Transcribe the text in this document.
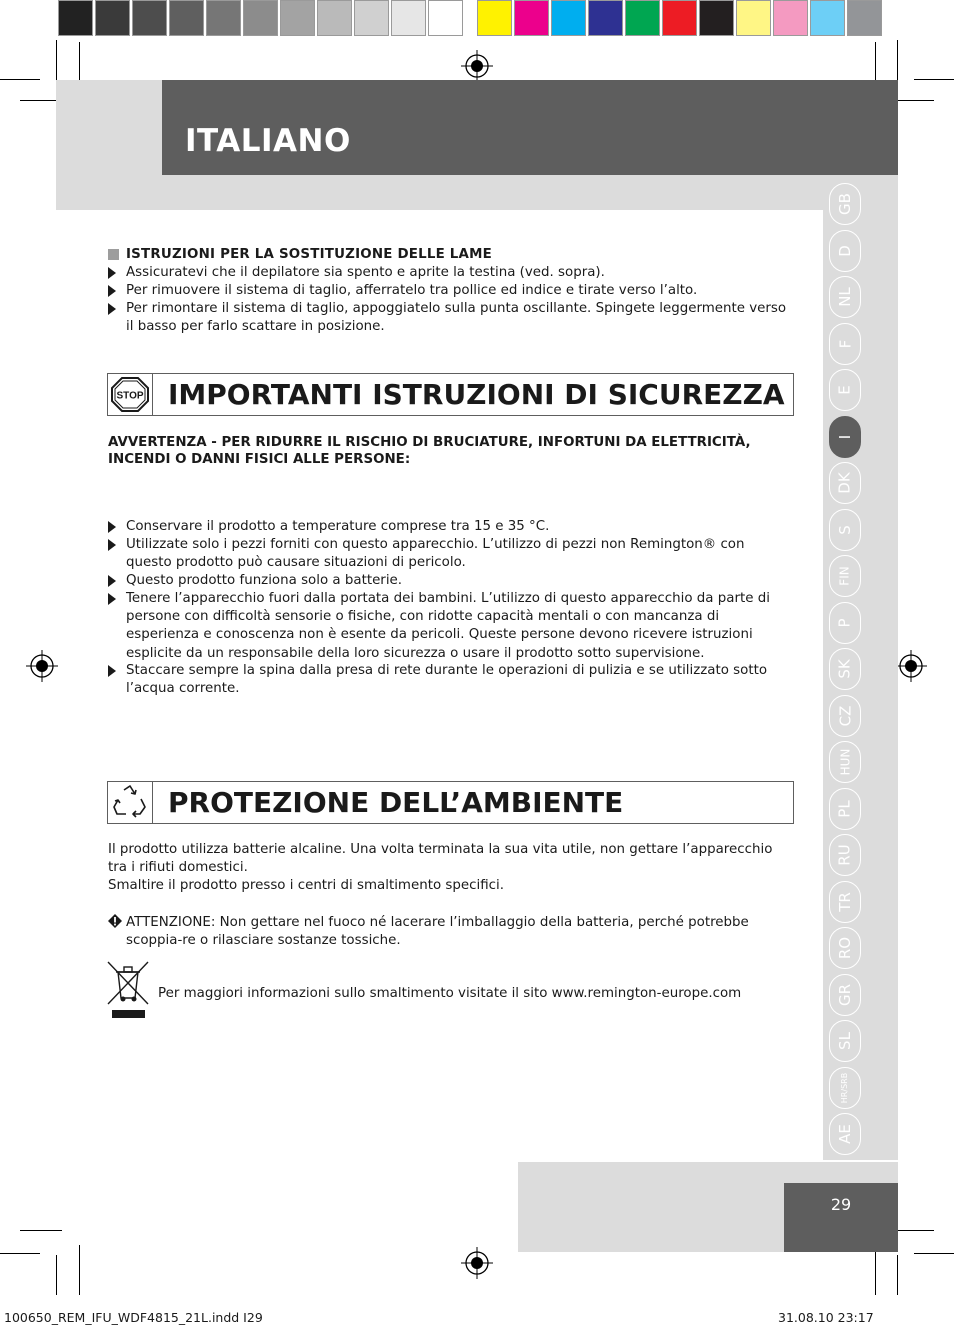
ITALIANO
GB
D
NL
F
E
I
DK
S
FIN
P
SK
CZ
HUN
PL
RU
TR
RO
GR
SL
HR/SRB
AE
29
ISTRUZIONI PER LA SOSTITUZIONE DELLE LAME
Assicuratevi che il depilatore sia spento e aprite la testina (ved. sopra).
Per rimuovere il sistema di taglio, afferratelo tra pollice ed indice e tirate verso l’alto.
Per rimontare il sistema di taglio, appoggiatelo sulla punta oscillante. Spingete leggermente verso il basso per farlo scattare in posizione.
STOP IMPORTANTI ISTRUZIONI DI SICUREZZA
AVVERTENZA - PER RIDURRE IL RISCHIO DI BRUCIATURE, INFORTUNI DA ELETTRICITÀ, INCENDI O DANNI FISICI ALLE PERSONE:
Conservare il prodotto a temperature comprese tra 15 e 35 °C.
Utilizzate solo i pezzi forniti con questo apparecchio. L’utilizzo di pezzi non Remington® con questo prodotto può causare situazioni di pericolo.
Questo prodotto funziona solo a batterie.
Tenere l’apparecchio fuori dalla portata dei bambini. L’utilizzo di questo apparecchio da parte di persone con difficoltà sensorie o fisiche, con ridotte capacità mentali o con mancanza di esperienza e conoscenza non è esente da pericoli. Queste persone devono ricevere istruzioni esplicite da un responsabile della loro sicurezza o usare il prodotto sotto supervisione.
Staccare sempre la spina dalla presa di rete durante le operazioni di pulizia e se utilizzato sotto l’acqua corrente.
PROTEZIONE DELL’AMBIENTE
Il prodotto utilizza batterie alcaline. Una volta terminata la sua vita utile, non gettare l’apparecchio tra i rifiuti domestici.
Smaltire il prodotto presso i centri di smaltimento specifici.
ATTENZIONE: Non gettare nel fuoco né lacerare l’imballaggio della batteria, perché potrebbe scoppia-re o rilasciare sostanze tossiche.
Per maggiori informazioni sullo smaltimento visitate il sito www.remington-europe.com
100650_REM_IFU_WDF4815_21L.indd I29	31.08.10 23:17
